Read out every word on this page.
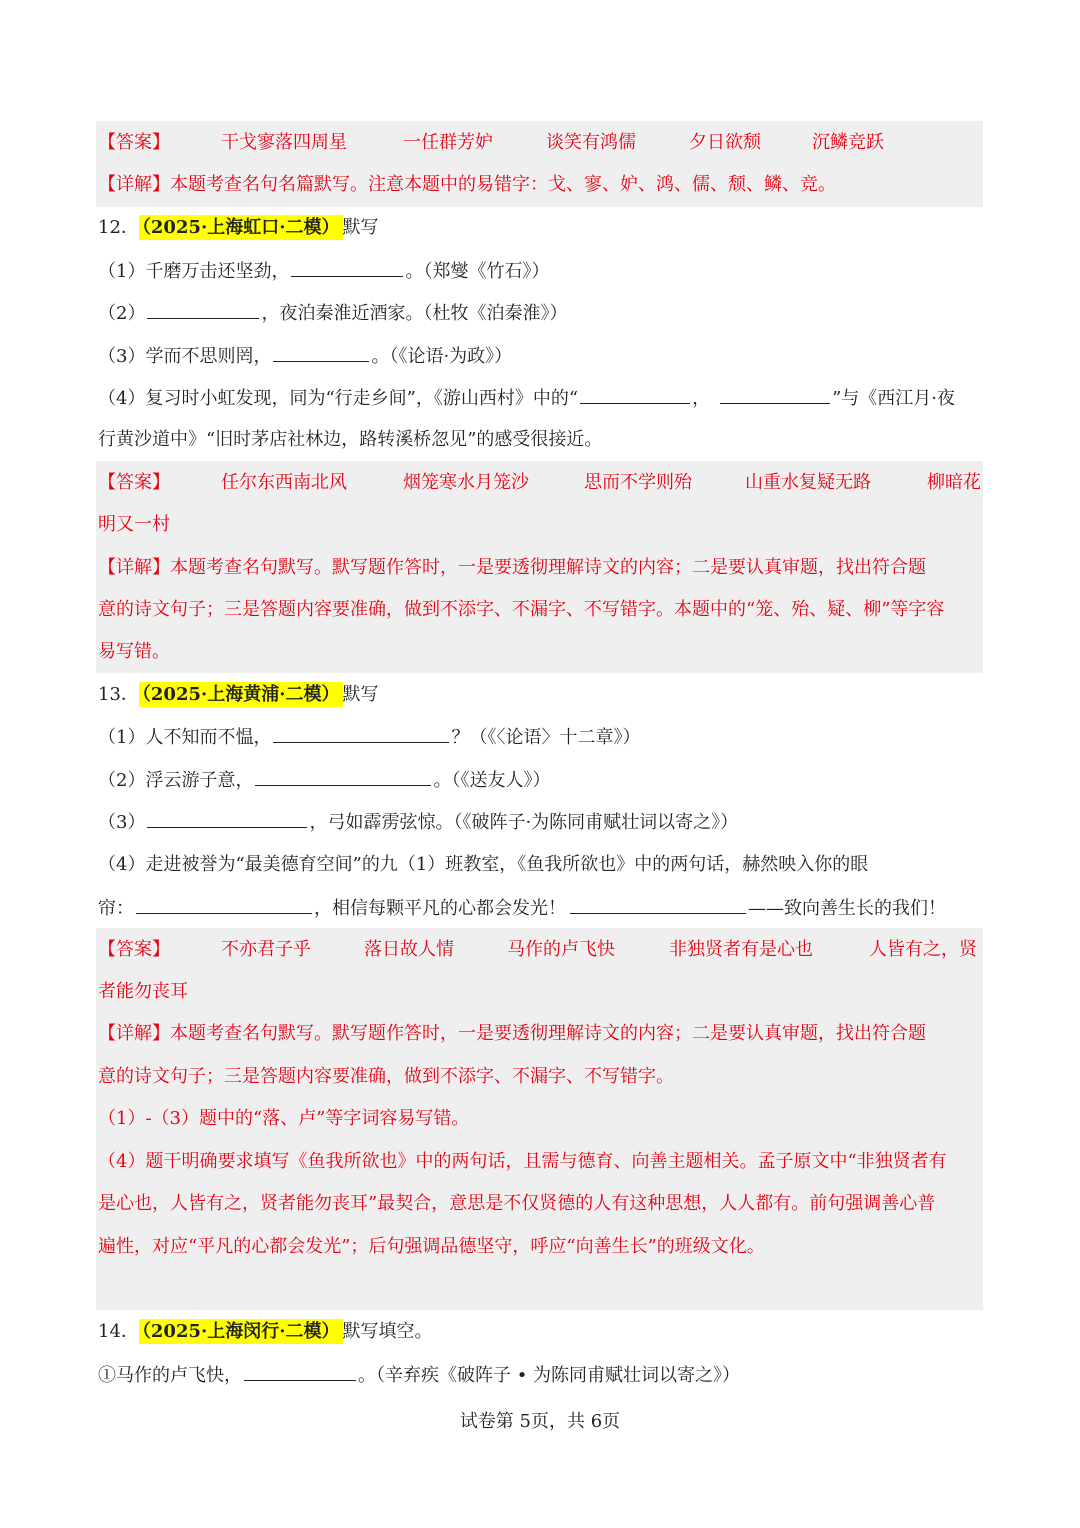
【答案】	干戈寥落四周星	一任群芳妒	谈笑有鸿儒	夕日欲颓	沉鳞竞跃
【详解】本题考查名句名篇默写。注意本题中的易错字：戈、寥、妒、鸿、儒、颓、鳞、竞。
12． （2025·上海虹口·二模） 默写
（1）千磨万击还坚劲，	。（郑燮《竹石》）
（2）	，夜泊秦淮近酒家。（杜牧《泊秦淮》）
（3）学而不思则罔，	。（《论语·为政》）
（4）复习时小虹发现，同为“行走乡间”，《游山西村》中的“	，	”与《西江月·夜
行黄沙道中》“旧时茅店社林边，路转溪桥忽见”的感受很接近。
【答案】	任尔东西南北风	烟笼寒水月笼沙	思而不学则殆	山重水复疑无路	柳暗花
明又一村
【详解】本题考查名句默写。默写题作答时，一是要透彻理解诗文的内容；二是要认真审题，找出符合题
意的诗文句子；三是答题内容要准确，做到不添字、不漏字、不写错字。本题中的“笼、殆、疑、柳”等字容
易写错。
13． （2025·上海黄浦·二模） 默写
（1）人不知而不愠，	？（《〈论语〉十二章》）
（2）浮云游子意，	。（《送友人》）
（3）	，弓如霹雳弦惊。（《破阵子·为陈同甫赋壮词以寄之》）
（4）走进被誉为“最美德育空间”的九（1）班教室，《鱼我所欲也》中的两句话，赫然映入你的眼
帘：	，相信每颗平凡的心都会发光！	——致向善生长的我们！
【答案】	不亦君子乎	落日故人情	马作的卢飞快	非独贤者有是心也	人皆有之，贤
者能勿丧耳
【详解】本题考查名句默写。默写题作答时，一是要透彻理解诗文的内容；二是要认真审题，找出符合题
意的诗文句子；三是答题内容要准确，做到不添字、不漏字、不写错字。
（1）-（3）题中的“落、卢”等字词容易写错。
（4）题干明确要求填写《鱼我所欲也》中的两句话，且需与德育、向善主题相关。孟子原文中“非独贤者有
是心也，人皆有之，贤者能勿丧耳”最契合，意思是不仅贤德的人有这种思想，人人都有。前句强调善心普
遍性，对应“平凡的心都会发光”；后句强调品德坚守，呼应“向善生长”的班级文化。
14． （2025·上海闵行·二模） 默写填空。
①马作的卢飞快，	。（辛弃疾《破阵子 • 为陈同甫赋壮词以寄之》）
试卷第 5页，共 6页
